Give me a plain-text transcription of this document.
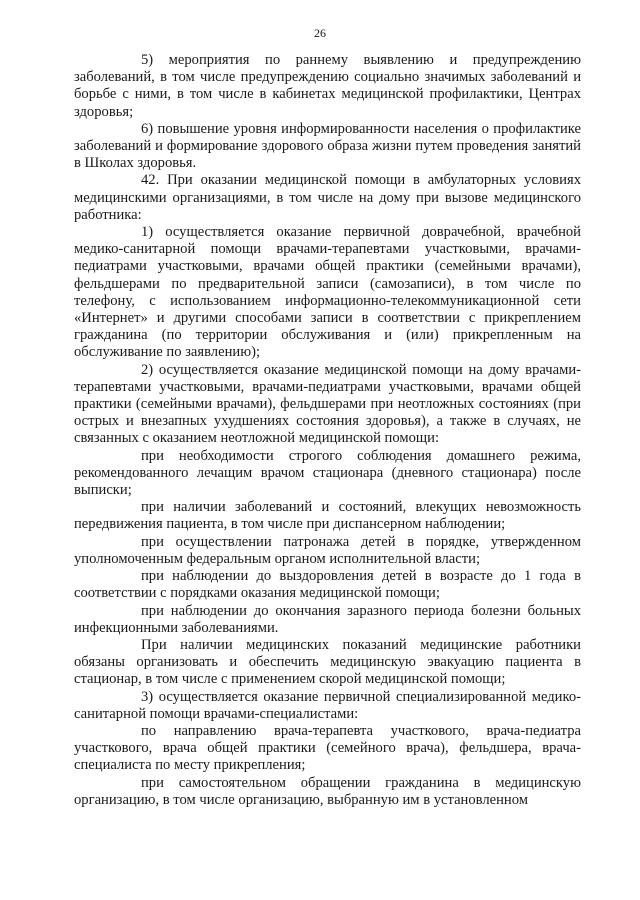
26

5) мероприятия по раннему выявлению и предупреждению заболеваний, в том числе предупреждению социально значимых заболеваний и борьбе с ними, в том числе в кабинетах медицинской профилактики, Центрах здоровья;

6) повышение уровня информированности населения о профилактике заболеваний и формирование здорового образа жизни путем проведения занятий в Школах здоровья.

42. При оказании медицинской помощи в амбулаторных условиях медицинскими организациями, в том числе на дому при вызове медицинского работника:

1) осуществляется оказание первичной доврачебной, врачебной медико-санитарной помощи врачами-терапевтами участковыми, врачами-педиатрами участковыми, врачами общей практики (семейными врачами), фельдшерами по предварительной записи (самозаписи), в том числе по телефону, с использованием информационно-телекоммуникационной сети «Интернет» и другими способами записи в соответствии с прикреплением гражданина (по территории обслуживания и (или) прикрепленным на обслуживание по заявлению);

2) осуществляется оказание медицинской помощи на дому врачами-терапевтами участковыми, врачами-педиатрами участковыми, врачами общей практики (семейными врачами), фельдшерами при неотложных состояниях (при острых и внезапных ухудшениях состояния здоровья), а также в случаях, не связанных с оказанием неотложной медицинской помощи:

при необходимости строгого соблюдения домашнего режима, рекомендованного лечащим врачом стационара (дневного стационара) после выписки;

при наличии заболеваний и состояний, влекущих невозможность передвижения пациента, в том числе при диспансерном наблюдении;

при осуществлении патронажа детей в порядке, утвержденном уполномоченным федеральным органом исполнительной власти;

при наблюдении до выздоровления детей в возрасте до 1 года в соответствии с порядками оказания медицинской помощи;

при наблюдении до окончания заразного периода болезни больных инфекционными заболеваниями.

При наличии медицинских показаний медицинские работники обязаны организовать и обеспечить медицинскую эвакуацию пациента в стационар, в том числе с применением скорой медицинской помощи;

3) осуществляется оказание первичной специализированной медико-санитарной помощи врачами-специалистами:

по направлению врача-терапевта участкового, врача-педиатра участкового, врача общей практики (семейного врача), фельдшера, врача-специалиста по месту прикрепления;

при самостоятельном обращении гражданина в медицинскую организацию, в том числе организацию, выбранную им в установленном
